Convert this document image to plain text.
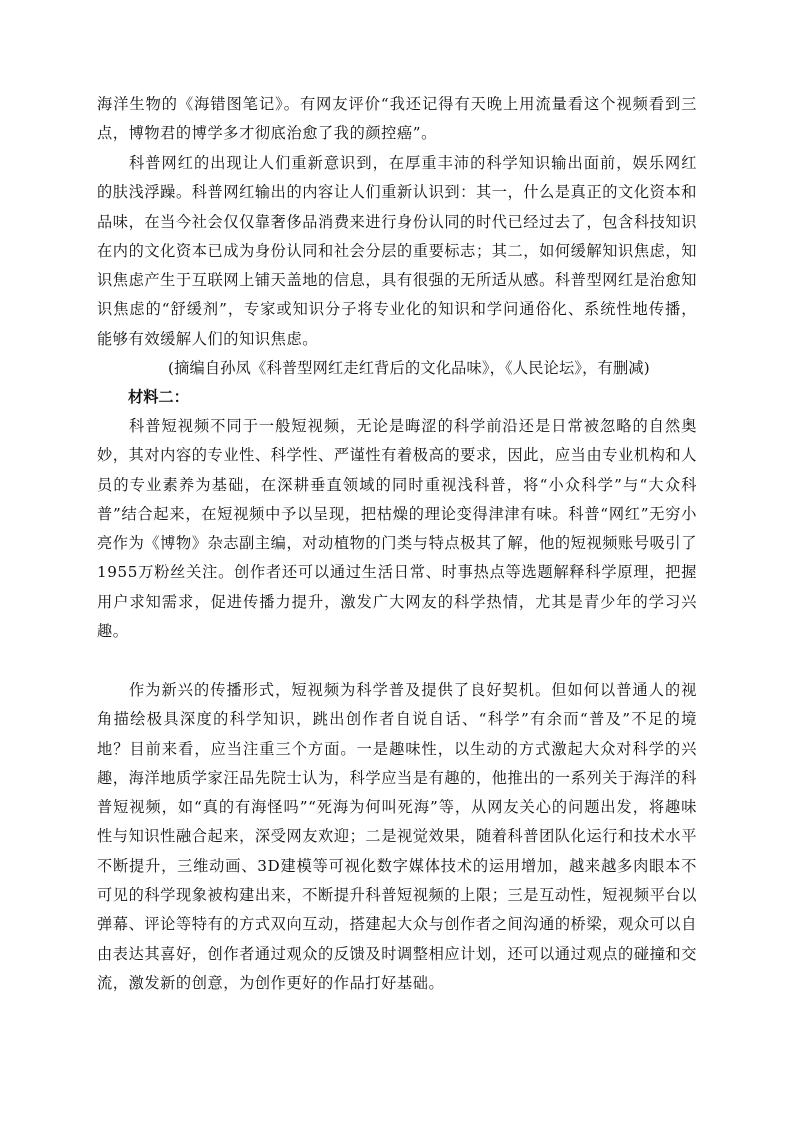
海洋生物的《海错图笔记》。有网友评价“我还记得有天晚上用流量看这个视频看到三点，博物君的博学多才彻底治愈了我的颜控癌”。

科普网红的出现让人们重新意识到，在厚重丰沛的科学知识输出面前，娱乐网红的肤浅浮躁。科普网红输出的内容让人们重新认识到：其一，什么是真正的文化资本和品味，在当今社会仅仅靠奢侈品消费来进行身份认同的时代已经过去了，包含科技知识在内的文化资本已成为身份认同和社会分层的重要标志；其二，如何缓解知识焦虑，知识焦虑产生于互联网上铺天盖地的信息，具有很强的无所适从感。科普型网红是治愈知识焦虑的“舒缓剂”，专家或知识分子将专业化的知识和学问通俗化、系统性地传播，能够有效缓解人们的知识焦虑。

(摘编自孙凤《科普型网红走红背后的文化品味》，《人民论坛》，有删减)
材料二：

科普短视频不同于一般短视频，无论是晦涩的科学前沿还是日常被忽略的自然奥妙，其对内容的专业性、科学性、严谨性有着极高的要求，因此，应当由专业机构和人员的专业素养为基础，在深耕垂直领域的同时重视浅科普，将“小众科学”与“大众科普”结合起来，在短视频中予以呈现，把枯燥的理论变得津津有味。科普“网红”无穷小亮作为《博物》杂志副主编，对动植物的门类与特点极其了解，他的短视频账号吸引了1955万粉丝关注。创作者还可以通过生活日常、时事热点等选题解释科学原理，把握用户求知需求，促进传播力提升，激发广大网友的科学热情，尤其是青少年的学习兴趣。

作为新兴的传播形式，短视频为科学普及提供了良好契机。但如何以普通人的视角描绘极具深度的科学知识，跳出创作者自说自话、“科学”有余而“普及”不足的境地？目前来看，应当注重三个方面。一是趣味性，以生动的方式激起大众对科学的兴趣，海洋地质学家汪品先院士认为，科学应当是有趣的，他推出的一系列关于海洋的科普短视频，如“真的有海怪吗”“死海为何叫死海”等，从网友关心的问题出发，将趣味性与知识性融合起来，深受网友欢迎；二是视觉效果，随着科普团队化运行和技术水平不断提升，三维动画、3D建模等可视化数字媒体技术的运用增加，越来越多肉眼本不可见的科学现象被构建出来，不断提升科普短视频的上限；三是互动性，短视频平台以弹幕、评论等特有的方式双向互动，搭建起大众与创作者之间沟通的桥梁，观众可以自由表达其喜好，创作者通过观众的反馈及时调整相应计划，还可以通过观点的碰撞和交流，激发新的创意，为创作更好的作品打好基础。
